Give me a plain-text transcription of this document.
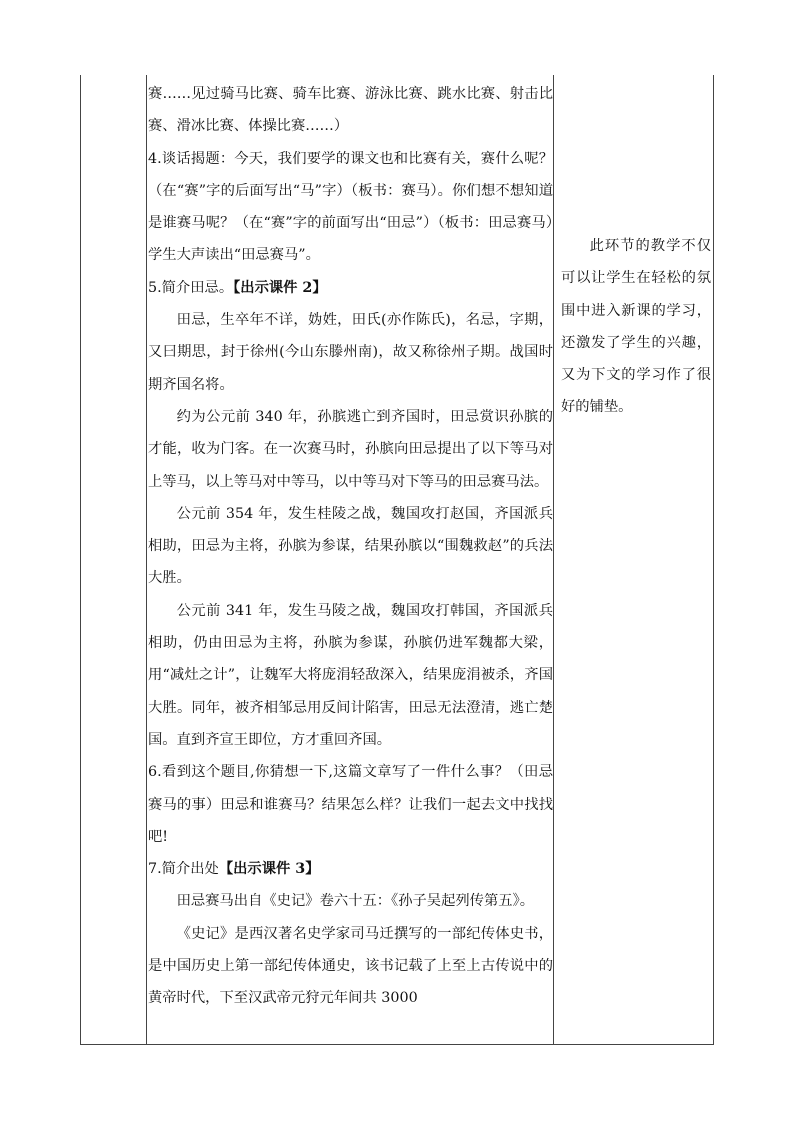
赛……见过骑马比赛、骑车比赛、游泳比赛、跳水比赛、射击比赛、滑冰比赛、体操比赛……）

4.谈话揭题：今天，我们要学的课文也和比赛有关，赛什么呢？（在“赛”字的后面写出“马”字）（板书：赛马）。你们想不想知道是谁赛马呢？（在“赛”字的前面写出“田忌”）（板书：田忌赛马）学生大声读出“田忌赛马”。

5.简介田忌。【出示课件 2】

田忌，生卒年不详，妫姓，田氏(亦作陈氏)，名忌，字期，又曰期思，封于徐州(今山东滕州南)，故又称徐州子期。战国时期齐国名将。

约为公元前 340 年，孙膑逃亡到齐国时，田忌赏识孙膑的才能，收为门客。在一次赛马时，孙膑向田忌提出了以下等马对上等马，以上等马对中等马，以中等马对下等马的田忌赛马法。

公元前 354 年，发生桂陵之战，魏国攻打赵国，齐国派兵相助，田忌为主将，孙膑为参谋，结果孙膑以“围魏救赵”的兵法大胜。

公元前 341 年，发生马陵之战，魏国攻打韩国，齐国派兵相助，仍由田忌为主将，孙膑为参谋，孙膑仍进军魏都大梁，用“减灶之计”，让魏军大将庞涓轻敌深入，结果庞涓被杀，齐国大胜。同年，被齐相邹忌用反间计陷害，田忌无法澄清，逃亡楚国。直到齐宣王即位，方才重回齐国。

6.看到这个题目,你猜想一下,这篇文章写了一件什么事？（田忌赛马的事）田忌和谁赛马？结果怎么样？让我们一起去文中找找吧!

7.简介出处【出示课件 3】

田忌赛马出自《史记》卷六十五：《孙子吴起列传第五》。

《史记》是西汉著名史学家司马迁撰写的一部纪传体史书，是中国历史上第一部纪传体通史，该书记载了上至上古传说中的黄帝时代，下至汉武帝元狩元年间共 3000

此环节的教学不仅可以让学生在轻松的氛围中进入新课的学习，还激发了学生的兴趣，又为下文的学习作了很好的铺垫。
